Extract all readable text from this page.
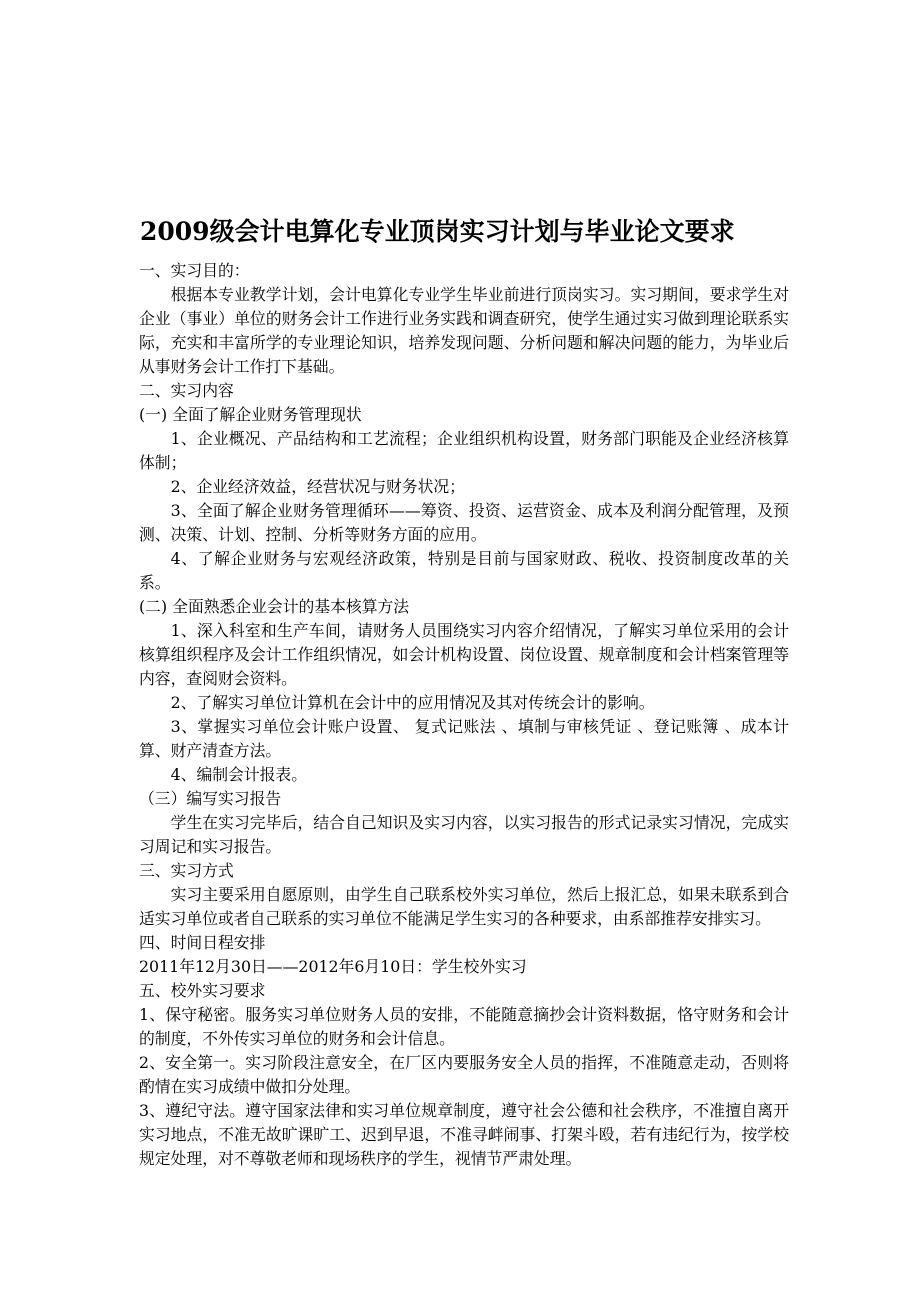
2009级会计电算化专业顶岗实习计划与毕业论文要求

一、实习目的：

根据本专业教学计划，会计电算化专业学生毕业前进行顶岗实习。实习期间，要求学生对企业（事业）单位的财务会计工作进行业务实践和调查研究，使学生通过实习做到理论联系实际，充实和丰富所学的专业理论知识，培养发现问题、分析问题和解决问题的能力，为毕业后从事财务会计工作打下基础。

二、实习内容

(一) 全面了解企业财务管理现状

1、企业概况、产品结构和工艺流程；企业组织机构设置，财务部门职能及企业经济核算体制；

2、企业经济效益，经营状况与财务状况；

3、全面了解企业财务管理循环——筹资、投资、运营资金、成本及利润分配管理，及预测、决策、计划、控制、分析等财务方面的应用。

4、了解企业财务与宏观经济政策，特别是目前与国家财政、税收、投资制度改革的关系。

(二) 全面熟悉企业会计的基本核算方法

1、深入科室和生产车间，请财务人员围绕实习内容介绍情况，了解实习单位采用的会计核算组织程序及会计工作组织情况，如会计机构设置、岗位设置、规章制度和会计档案管理等内容，查阅财会资料。

2、了解实习单位计算机在会计中的应用情况及其对传统会计的影响。

3、掌握实习单位会计账户设置、 复式记账法 、填制与审核凭证 、登记账簿 、成本计算、财产清查方法。

4、编制会计报表。

（三）编写实习报告

学生在实习完毕后，结合自己知识及实习内容，以实习报告的形式记录实习情况，完成实习周记和实习报告。

三、实习方式

实习主要采用自愿原则，由学生自己联系校外实习单位，然后上报汇总，如果未联系到合适实习单位或者自己联系的实习单位不能满足学生实习的各种要求，由系部推荐安排实习。

四、时间日程安排

2011年12月30日——2012年6月10日：学生校外实习

五、校外实习要求

1、保守秘密。服务实习单位财务人员的安排，不能随意摘抄会计资料数据，恪守财务和会计的制度，不外传实习单位的财务和会计信息。

2、安全第一。实习阶段注意安全，在厂区内要服务安全人员的指挥，不准随意走动，否则将酌情在实习成绩中做扣分处理。

3、遵纪守法。遵守国家法律和实习单位规章制度，遵守社会公德和社会秩序，不准擅自离开实习地点，不准无故旷课旷工、迟到早退，不准寻衅闹事、打架斗殴，若有违纪行为，按学校规定处理，对不尊敬老师和现场秩序的学生，视情节严肃处理。
